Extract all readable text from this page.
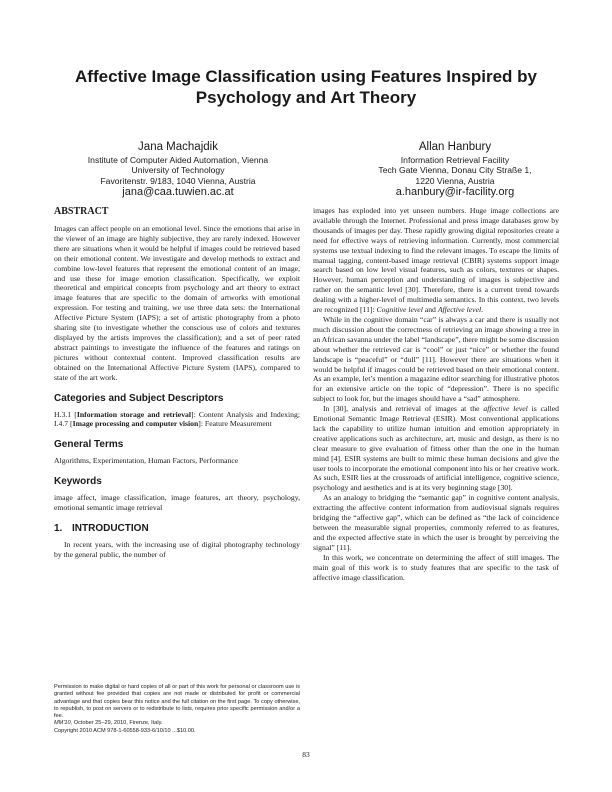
Affective Image Classification using Features Inspired by
Psychology and Art Theory
Jana Machajdik
Institute of Computer Aided Automation, Vienna
University of Technology
Favoritenstr. 9/183, 1040 Vienna, Austria
jana@caa.tuwien.ac.at
Allan Hanbury
Information Retrieval Facility
Tech Gate Vienna, Donau City Straße 1,
1220 Vienna, Austria
a.hanbury@ir-facility.org
ABSTRACT

Images can affect people on an emotional level. Since the emotions that arise in the viewer of an image are highly subjective, they are rarely indexed. However there are situations when it would be helpful if images could be retrieved based on their emotional content. We investigate and develop methods to extract and combine low-level features that represent the emotional content of an image, and use these for image emotion classification. Specifically, we exploit theoretical and empirical concepts from psychology and art theory to extract image features that are specific to the domain of artworks with emotional expression. For testing and training, we use three data sets: the International Affective Picture System (IAPS); a set of artistic photography from a photo sharing site (to investigate whether the conscious use of colors and textures displayed by the artists improves the classification); and a set of peer rated abstract paintings to investigate the influence of the features and ratings on pictures without contextual content. Improved classification results are obtained on the International Affective Picture System (IAPS), compared to state of the art work.

Categories and Subject Descriptors

H.3.1 [Information storage and retrieval]: Content Analysis and Indexing; I.4.7 [Image processing and computer vision]: Feature Measurement

General Terms

Algorithms, Experimentation, Human Factors, Performance

Keywords

image affect, image classification, image features, art theory, psychology, emotional semantic image retrieval

1. INTRODUCTION

In recent years, with the increasing use of digital photography technology by the general public, the number of

Permission to make digital or hard copies of all or part of this work for personal or classroom use is granted without fee provided that copies are not made or distributed for profit or commercial advantage and that copies bear this notice and the full citation on the first page. To copy otherwise, to republish, to post on servers or to redistribute to lists, requires prior specific permission and/or a fee.
MM'10, October 25–29, 2010, Firenze, Italy.
Copyright 2010 ACM 978-1-60558-933-6/10/10 ...$10.00.

images has exploded into yet unseen numbers. Huge image collections are available through the Internet. Professional and press image databases grow by thousands of images per day. These rapidly growing digital repositories create a need for effective ways of retrieving information. Currently, most commercial systems use textual indexing to find the relevant images. To escape the limits of manual tagging, content-based image retrieval (CBIR) systems support image search based on low level visual features, such as colors, textures or shapes. However, human perception and understanding of images is subjective and rather on the semantic level [30]. Therefore, there is a current trend towards dealing with a higher-level of multimedia semantics. In this context, two levels are recognized [11]: Cognitive level and Affective level.

While in the cognitive domain “car” is always a car and there is usually not much discussion about the correctness of retrieving an image showing a tree in an African savanna under the label “landscape”, there might be some discussion about whether the retrieved car is “cool” or just “nice” or whether the found landscape is “peaceful” or “dull” [11]. However there are situations when it would be helpful if images could be retrieved based on their emotional content. As an example, let’s mention a magazine editor searching for illustrative photos for an extensive article on the topic of “depression”. There is no specific subject to look for, but the images should have a “sad” atmosphere.

In [30], analysis and retrieval of images at the affective level is called Emotional Semantic Image Retrieval (ESIR). Most conventional applications lack the capability to utilize human intuition and emotion appropriately in creative applications such as architecture, art, music and design, as there is no clear measure to give evaluation of fitness other than the one in the human mind [4]. ESIR systems are built to mimic these human decisions and give the user tools to incorporate the emotional component into his or her creative work. As such, ESIR lies at the crossroads of artificial intelligence, cognitive science, psychology and aesthetics and is at its very beginning stage [30].

As an analogy to bridging the “semantic gap” in cognitive content analysis, extracting the affective content information from audiovisual signals requires bridging the “affective gap”, which can be defined as “the lack of coincidence between the measurable signal properties, commonly referred to as features, and the expected affective state in which the user is brought by perceiving the signal” [11].

In this work, we concentrate on determining the affect of still images. The main goal of this work is to study features that are specific to the task of affective image classification.

83
